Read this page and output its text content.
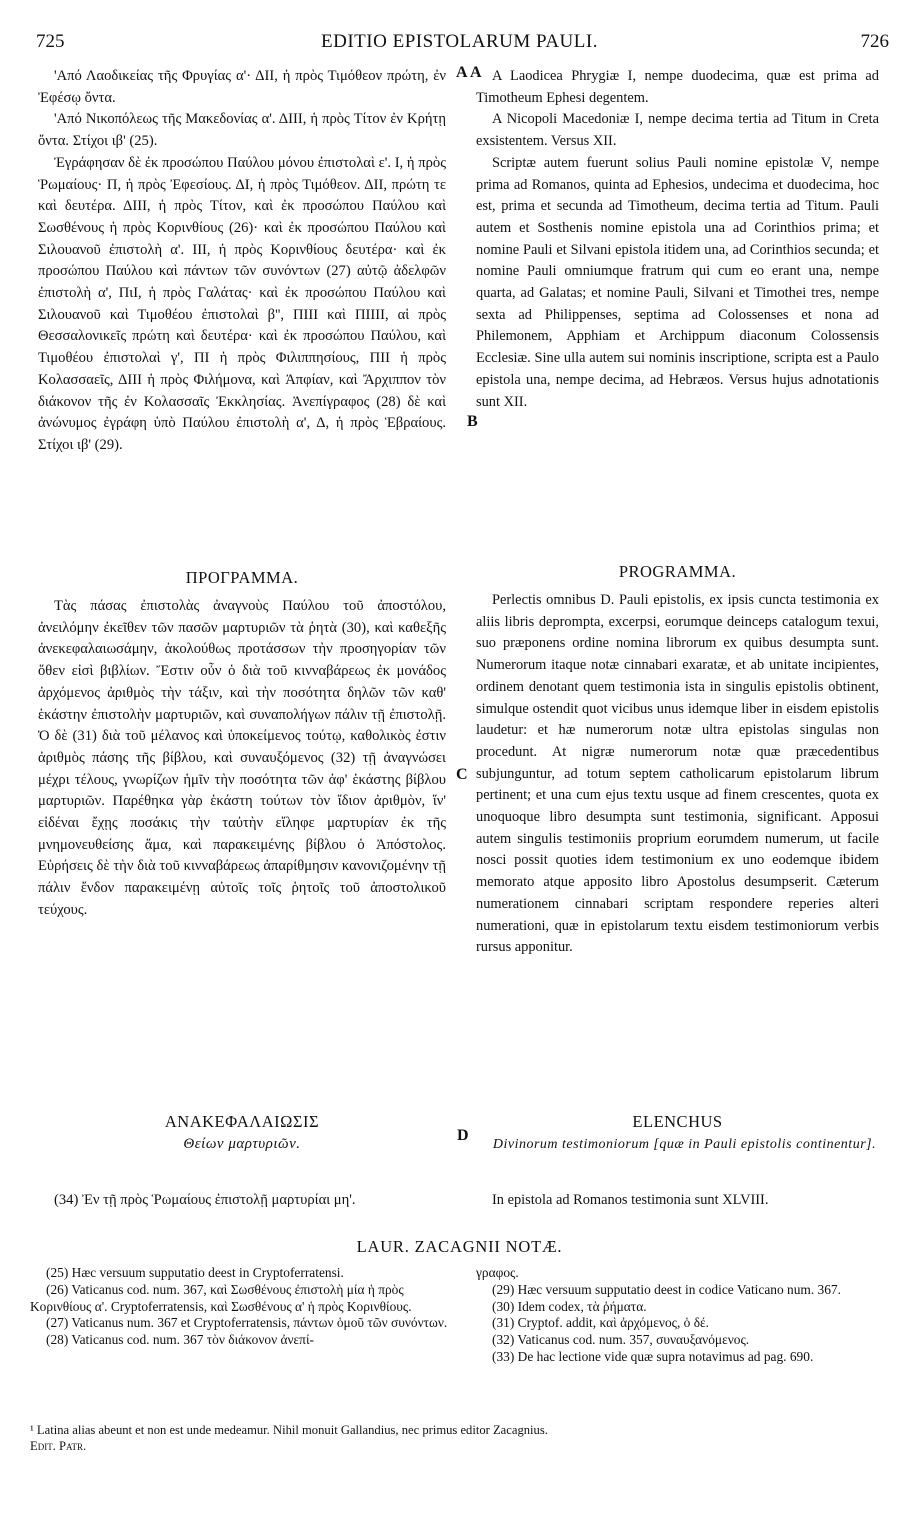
725	EDITIO EPISTOLARUM PAULI.	726
A A
B
C
D

'Από Λαοδικείας τῆς Φρυγίας α'· ΔΙΙ, ἡ πρὸς Τιμόθεον πρώτη, ἐν Ἐφέσῳ ὄντα.

'Από Νικοπόλεως τῆς Μακεδονίας α'. ΔΙΙΙ, ἡ πρὸς Τίτον ἐν Κρήτῃ ὄντα. Στίχοι ιβ' (25).

Ἐγράφησαν δὲ ἐκ προσώπου Παύλου μόνου ἐπιστολαὶ ε'. Ι, ἡ πρὸς Ῥωμαίους· Π, ἡ πρὸς Ἐφεσίους. ΔΙ, ἡ πρὸς Τιμόθεον. ΔΙΙ, πρώτη τε καὶ δευτέρα. ΔΙΙΙ, ἡ πρὸς Τίτον, καὶ ἐκ προσώπου Παύλου καὶ Σωσθένους ἡ πρὸς Κορινθίους (26)· καὶ ἐκ προσώπου Παύλου καὶ Σιλουανοῦ ἐπιστολὴ α'. ΙΙΙ, ἡ πρὸς Κορινθίους δευτέρα· καὶ ἐκ προσώπου Παύλου καὶ πάντων τῶν συνόντων (27) αὐτῷ ἀδελφῶν ἐπιστολὴ α', ΠιΙ, ἡ πρὸς Γαλάτας· καὶ ἐκ προσώπου Παύλου καὶ Σιλουανοῦ καὶ Τιμοθέου ἐπιστολαὶ β'', ΠΙΙΙ καὶ ΠΙΙΙΙ, αἱ πρὸς Θεσσαλονικεῖς πρώτη καὶ δευτέρα· καὶ ἐκ προσώπου Παύλου, καὶ Τιμοθέου ἐπιστολαὶ γ', ΠΙ ἡ πρὸς Φιλιππησίους, ΠΙΙ ἡ πρὸς Κολασσαεῖς, ΔΙΙΙ ἡ πρὸς Φιλήμονα, καὶ Ἀπφίαν, καὶ Ἄρχιππον τὸν διάκονον τῆς ἐν Κολασσαῖς Ἐκκλησίας. Ἀνεπίγραφος (28) δὲ καὶ ἀνώνυμος ἐγράφη ὑπὸ Παύλου ἐπιστολὴ α', Δ, ἡ πρὸς Ἑβραίους. Στίχοι ιβ' (29).

A Laodicea Phrygiæ I, nempe duodecima, quæ est prima ad Timotheum Ephesi degentem.

A Nicopoli Macedoniæ I, nempe decima tertia ad Titum in Creta exsistentem. Versus XII.

Scriptæ autem fuerunt solius Pauli nomine epistolæ V, nempe prima ad Romanos, quinta ad Ephesios, undecima et duodecima, hoc est, prima et secunda ad Timotheum, decima tertia ad Titum. Pauli autem et Sosthenis nomine epistola una ad Corinthios prima; et nomine Pauli et Silvani epistola itidem una, ad Corinthios secunda; et nomine Pauli omniumque fratrum qui cum eo erant una, nempe quarta, ad Galatas; et nomine Pauli, Silvani et Timothei tres, nempe sexta ad Philippenses, septima ad Colossenses et nona ad Philemonem, Apphiam et Archippum diaconum Colossensis Ecclesiæ. Sine ulla autem sui nominis inscriptione, scripta est a Paulo epistola una, nempe decima, ad Hebræos. Versus hujus adnotationis sunt XII.

ΠΡΟΓΡΑΜΜΑ.	PROGRAMMA.

Τὰς πάσας ἐπιστολὰς ἀναγνοὺς Παύλου τοῦ ἀποστόλου, ἀνειλόμην ἐκεῖθεν τῶν πασῶν μαρτυριῶν τὰ ῥητὰ (30), καὶ καθεξῆς ἀνεκεφαλαιωσάμην, ἀκολούθως προτάσσων τὴν προσηγορίαν τῶν ὅθεν εἰσὶ βιβλίων. Ἔστιν οὖν ὁ διὰ τοῦ κινναβάρεως ἐκ μονάδος ἀρχόμενος ἀριθμὸς τὴν τάξιν, καὶ τὴν ποσότητα δηλῶν τῶν καθ' ἑκάστην ἐπιστολὴν μαρτυριῶν, καὶ συναπολήγων πάλιν τῇ ἐπιστολῇ. Ὁ δὲ (31) διὰ τοῦ μέλανος καὶ ὑποκείμενος τούτῳ, καθολικὸς ἐστιν ἀριθμὸς πάσης τῆς βίβλου, καὶ συναυξόμενος (32) τῇ ἀναγνώσει μέχρι τέλους, γνωρίζων ἡμῖν τὴν ποσότητα τῶν ἀφ' ἑκάστης βίβλου μαρτυριῶν. Παρέθηκα γὰρ ἑκάστη τούτων τὸν ἴδιον ἀριθμὸν, ἵν' εἰδέναι ἔχῃς ποσάκις τὴν ταὐτὴν εἴληφε μαρτυρίαν ἐκ τῆς μνημονευθείσης ἅμα, καὶ παρακειμένης βίβλου ὁ Ἀπόστολος. Εὑρήσεις δὲ τὴν διὰ τοῦ κινναβάρεως ἀπαρίθμησιν κανονιζομένην τῇ πάλιν ἔνδον παρακειμένῃ αὐτοῖς τοῖς ῥητοῖς τοῦ ἀποστολικοῦ τεύχους.

Perlectis omnibus D. Pauli epistolis, ex ipsis cuncta testimonia ex aliis libris deprompta, excerpsi, eorumque deinceps catalogum texui, suo præponens ordine nomina librorum ex quibus desumpta sunt. Numerorum itaque notæ cinnabari exaratæ, et ab unitate incipientes, ordinem denotant quem testimonia ista in singulis epistolis obtinent, simulque ostendit quot vicibus unus idemque liber in eisdem epistolis laudetur: et hæ numerorum notæ ultra epistolas singulas non procedunt. At nigræ numerorum notæ quæ præcedentibus subjunguntur, ad totum septem catholicarum epistolarum librum pertinent; et una cum ejus textu usque ad finem crescentes, quota ex unoquoque libro desumpta sunt testimonia, significant. Apposui autem singulis testimoniis proprium eorumdem numerum, ut facile nosci possit quoties idem testimonium ex uno eodemque ibidem memorato atque apposito libro Apostolus desumpserit. Cæterum numerationem cinnabari scriptam respondere reperies alteri numerationi, quæ in epistolarum textu eisdem testimoniorum verbis rursus apponitur.

ΑΝΑΚΕΦΑΛΑΙΩΣΙΣ
Θείων μαρτυριῶν.
ELENCHUS
Divinorum testimoniorum [quæ in Pauli epistolis continentur].

(34) Ἐν τῇ πρὸς Ῥωμαίους ἐπιστολῇ μαρτυρίαι μη'.	In epistola ad Romanos testimonia sunt XLVIII.

LAUR. ZACAGNII NOTÆ.

(25) Hæc versuum supputatio deest in Cryptoferratensi.

(26) Vaticanus cod. num. 367, καὶ Σωσθένους ἐπιστολὴ μία ἡ πρὸς Κορινθίους α'. Cryptoferratensis, καὶ Σωσθένους α' ἡ πρὸς Κορινθίους.

(27) Vaticanus num. 367 et Cryptoferratensis, πάντων ὁμοῦ τῶν συνόντων.

(28) Vaticanus cod. num. 367 τὸν διάκονον ἀνεπί-

γραφος.

(29) Hæc versuum supputatio deest in codice Vaticano num. 367.

(30) Idem codex, τὰ ῥήματα.

(31) Cryptof. addit, καὶ ἀρχόμενος, ὁ δέ.

(32) Vaticanus cod. num. 357, συναυξανόμενος.

(33) De hac lectione vide quæ supra notavimus ad pag. 690.

¹ Latina alias abeunt et non est unde medeamur. Nihil monuit Gallandius, nec primus editor Zacagnius.
Edit. Patr.
